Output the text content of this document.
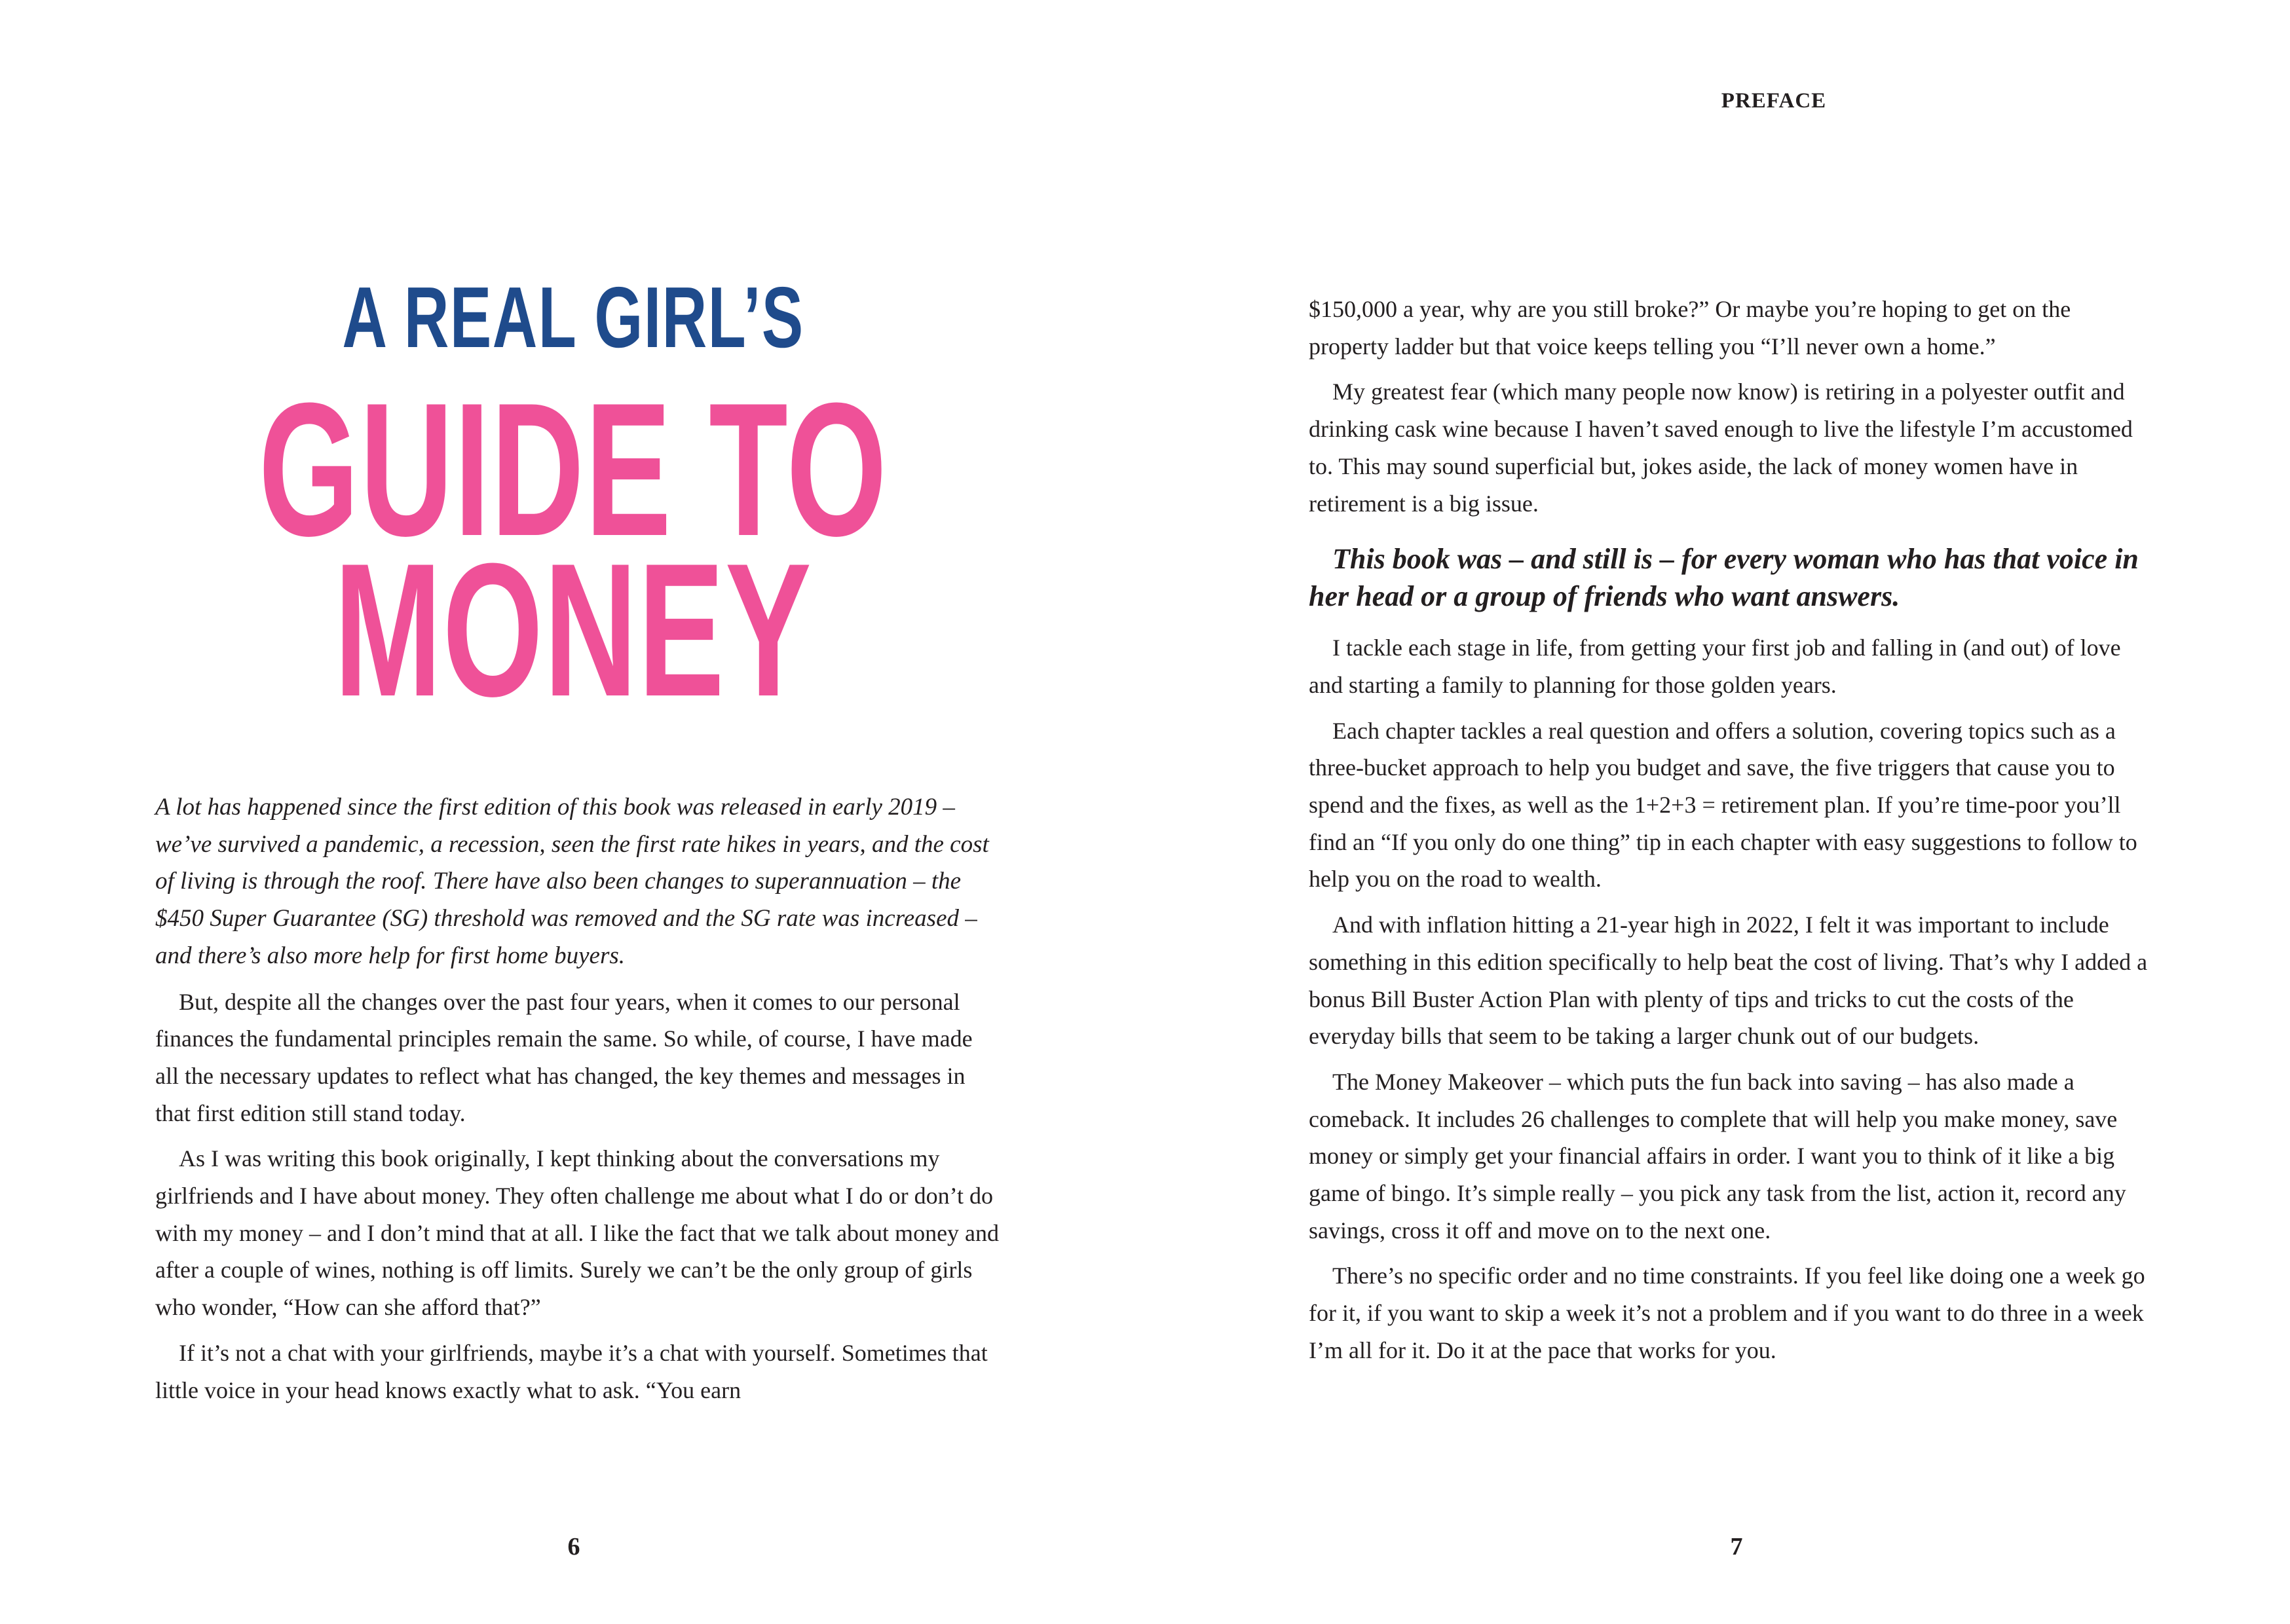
A REAL GIRL’S
GUIDE TO
MONEY

A lot has happened since the first edition of this book was released in early 2019 – we’ve survived a pandemic, a recession, seen the first rate hikes in years, and the cost of living is through the roof. There have also been changes to superannuation – the $450 Super Guarantee (SG) threshold was removed and the SG rate was increased – and there’s also more help for first home buyers.

But, despite all the changes over the past four years, when it comes to our personal finances the fundamental principles remain the same. So while, of course, I have made all the necessary updates to reflect what has changed, the key themes and messages in that first edition still stand today.

As I was writing this book originally, I kept thinking about the conversations my girlfriends and I have about money. They often challenge me about what I do or don’t do with my money – and I don’t mind that at all. I like the fact that we talk about money and after a couple of wines, nothing is off limits. Surely we can’t be the only group of girls who wonder, “How can she afford that?”

If it’s not a chat with your girlfriends, maybe it’s a chat with yourself. Sometimes that little voice in your head knows exactly what to ask. “You earn

6
PREFACE

$150,000 a year, why are you still broke?” Or maybe you’re hoping to get on the property ladder but that voice keeps telling you “I’ll never own a home.”

My greatest fear (which many people now know) is retiring in a polyester outfit and drinking cask wine because I haven’t saved enough to live the lifestyle I’m accustomed to. This may sound superficial but, jokes aside, the lack of money women have in retirement is a big issue.

This book was – and still is – for every woman who has that voice in her head or a group of friends who want answers.

I tackle each stage in life, from getting your first job and falling in (and out) of love and starting a family to planning for those golden years.

Each chapter tackles a real question and offers a solution, covering topics such as a three-bucket approach to help you budget and save, the five triggers that cause you to spend and the fixes, as well as the 1+2+3 = retirement plan. If you’re time-poor you’ll find an “If you only do one thing” tip in each chapter with easy suggestions to follow to help you on the road to wealth.

And with inflation hitting a 21-year high in 2022, I felt it was important to include something in this edition specifically to help beat the cost of living. That’s why I added a bonus Bill Buster Action Plan with plenty of tips and tricks to cut the costs of the everyday bills that seem to be taking a larger chunk out of our budgets.

The Money Makeover – which puts the fun back into saving – has also made a comeback. It includes 26 challenges to complete that will help you make money, save money or simply get your financial affairs in order. I want you to think of it like a big game of bingo. It’s simple really – you pick any task from the list, action it, record any savings, cross it off and move on to the next one.

There’s no specific order and no time constraints. If you feel like doing one a week go for it, if you want to skip a week it’s not a problem and if you want to do three in a week I’m all for it. Do it at the pace that works for you.

7
